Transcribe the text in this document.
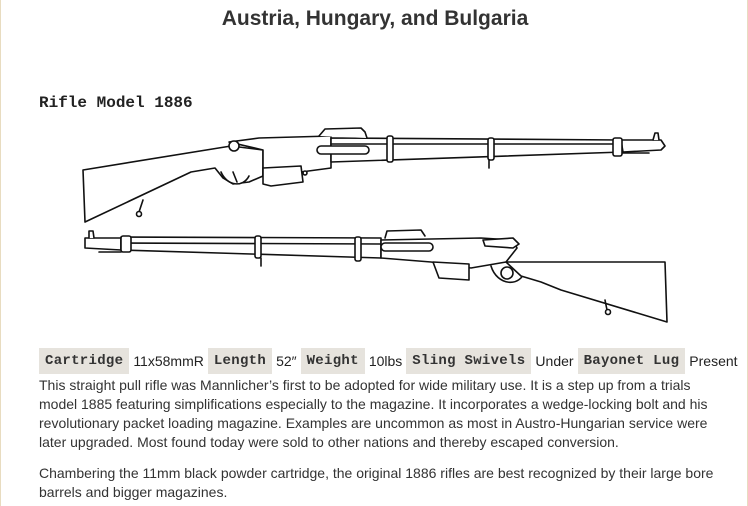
Austria, Hungary, and Bulgaria
Rifle Model 1886
Cartridge 11x58mmR Length 52″ Weight 10lbs Sling Swivels Under Bayonet Lug Present

This straight pull rifle was Mannlicher’s first to be adopted for wide military use. It is a step up from a trials model 1885 featuring simplifications especially to the magazine. It incorporates a wedge-locking bolt and his revolutionary packet loading magazine. Examples are uncommon as most in Austro-Hungarian service were later upgraded. Most found today were sold to other nations and thereby escaped conversion.

Chambering the 11mm black powder cartridge, the original 1886 rifles are best recognized by their large bore barrels and bigger magazines.
